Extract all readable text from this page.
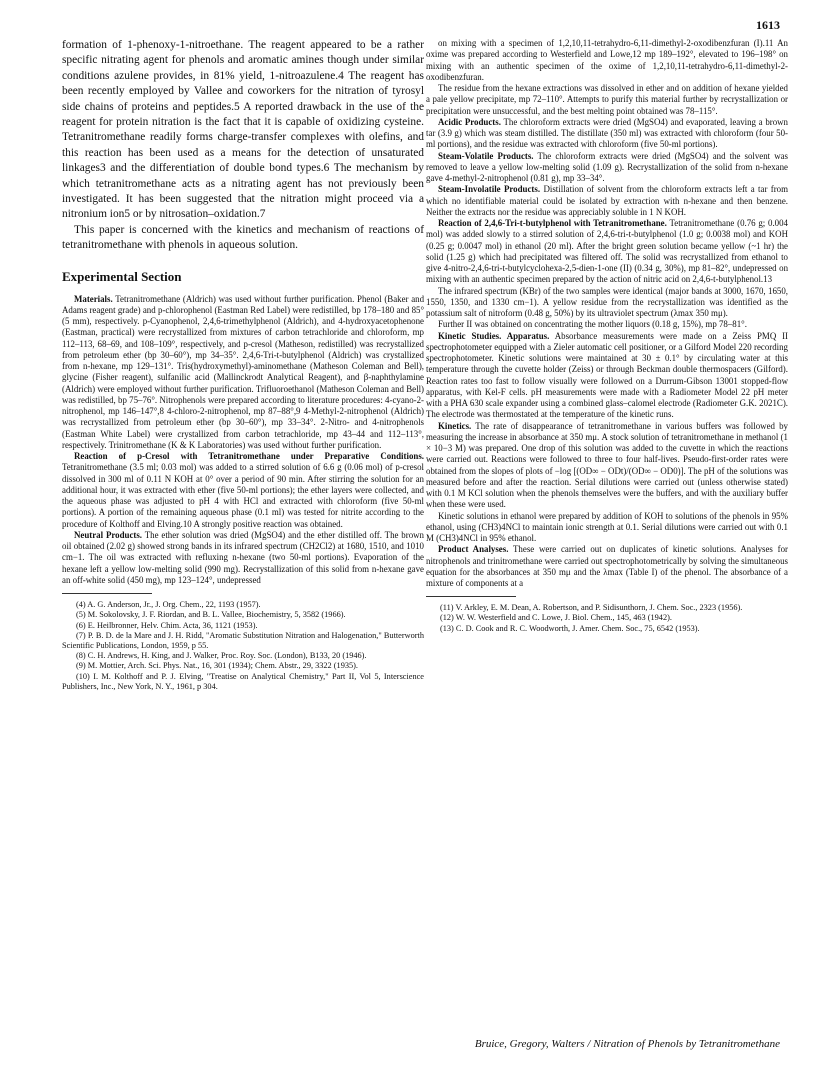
1613

formation of 1-phenoxy-1-nitroethane. The reagent appeared to be a rather specific nitrating agent for phenols and aromatic amines though under similar conditions azulene provides, in 81% yield, 1-nitroazulene.4 The reagent has been recently employed by Vallee and coworkers for the nitration of tyrosyl side chains of proteins and peptides.5 A reported drawback in the use of the reagent for protein nitration is the fact that it is capable of oxidizing cysteine. Tetranitromethane readily forms charge-transfer complexes with olefins, and this reaction has been used as a means for the detection of unsaturated linkages3 and the differentiation of double bond types.6 The mechanism by which tetranitromethane acts as a nitrating agent has not previously been investigated. It has been suggested that the nitration might proceed via a nitronium ion5 or by nitrosation–oxidation.7

This paper is concerned with the kinetics and mechanism of reactions of tetranitromethane with phenols in aqueous solution.

Experimental Section

Materials. Tetranitromethane (Aldrich) was used without further purification. Phenol (Baker and Adams reagent grade) and p-chlorophenol (Eastman Red Label) were redistilled, bp 178–180 and 85° (5 mm), respectively. p-Cyanophenol, 2,4,6-trimethylphenol (Aldrich), and 4-hydroxyacetophenone (Eastman, practical) were recrystallized from mixtures of carbon tetrachloride and chloroform, mp 112–113, 68–69, and 108–109°, respectively, and p-cresol (Matheson, redistilled) was recrystallized from petroleum ether (bp 30–60°), mp 34–35°. 2,4,6-Tri-t-butylphenol (Aldrich) was crystallized from n-hexane, mp 129–131°. Tris(hydroxymethyl)-aminomethane (Matheson Coleman and Bell), glycine (Fisher reagent), sulfanilic acid (Mallinckrodt Analytical Reagent), and β-naphthylamine (Aldrich) were employed without further purification. Trifluoroethanol (Matheson Coleman and Bell) was redistilled, bp 75–76°. Nitrophenols were prepared according to literature procedures: 4-cyano-2-nitrophenol, mp 146–147°,8 4-chloro-2-nitrophenol, mp 87–88°,9 4-Methyl-2-nitrophenol (Aldrich) was recrystallized from petroleum ether (bp 30–60°), mp 33–34°. 2-Nitro- and 4-nitrophenols (Eastman White Label) were crystallized from carbon tetrachloride, mp 43–44 and 112–113°, respectively. Trinitromethane (K & K Laboratories) was used without further purification.

Reaction of p-Cresol with Tetranitromethane under Preparative Conditions. Tetranitromethane (3.5 ml; 0.03 mol) was added to a stirred solution of 6.6 g (0.06 mol) of p-cresol dissolved in 300 ml of 0.11 N KOH at 0° over a period of 90 min. After stirring the solution for an additional hour, it was extracted with ether (five 50-ml portions); the ether layers were collected, and the aqueous phase was adjusted to pH 4 with HCl and extracted with chloroform (five 50-ml portions). A portion of the remaining aqueous phase (0.1 ml) was tested for nitrite according to the procedure of Kolthoff and Elving.10 A strongly positive reaction was obtained.

Neutral Products. The ether solution was dried (MgSO4) and the ether distilled off. The brown oil obtained (2.02 g) showed strong bands in its infrared spectrum (CH2Cl2) at 1680, 1510, and 1010 cm−1. The oil was extracted with refluxing n-hexane (two 50-ml portions). Evaporation of the hexane left a yellow low-melting solid (990 mg). Recrystallization of this solid from n-hexane gave an off-white solid (450 mg), mp 123–124°, undepressed

(4) A. G. Anderson, Jr., J. Org. Chem., 22, 1193 (1957).

(5) M. Sokolovsky, J. F. Riordan, and B. L. Vallee, Biochemistry, 5, 3582 (1966).

(6) E. Heilbronner, Helv. Chim. Acta, 36, 1121 (1953).

(7) P. B. D. de la Mare and J. H. Ridd, "Aromatic Substitution Nitration and Halogenation," Butterworth Scientific Publications, London, 1959, p 55.

(8) C. H. Andrews, H. King, and J. Walker, Proc. Roy. Soc. (London), B133, 20 (1946).

(9) M. Mottier, Arch. Sci. Phys. Nat., 16, 301 (1934); Chem. Abstr., 29, 3322 (1935).

(10) I. M. Kolthoff and P. J. Elving, "Treatise on Analytical Chemistry," Part II, Vol 5, Interscience Publishers, Inc., New York, N. Y., 1961, p 304.

on mixing with a specimen of 1,2,10,11-tetrahydro-6,11-dimethyl-2-oxodibenzfuran (I).11 An oxime was prepared according to Westerfield and Lowe,12 mp 189–192°, elevated to 196–198° on mixing with an authentic specimen of the oxime of 1,2,10,11-tetrahydro-6,11-dimethyl-2-oxodibenzfuran.

The residue from the hexane extractions was dissolved in ether and on addition of hexane yielded a pale yellow precipitate, mp 72–110°. Attempts to purify this material further by recrystallization or precipitation were unsuccessful, and the best melting point obtained was 78–115°.

Acidic Products. The chloroform extracts were dried (MgSO4) and evaporated, leaving a brown tar (3.9 g) which was steam distilled. The distillate (350 ml) was extracted with chloroform (four 50-ml portions), and the residue was extracted with chloroform (five 50-ml portions).

Steam-Volatile Products. The chloroform extracts were dried (MgSO4) and the solvent was removed to leave a yellow low-melting solid (1.09 g). Recrystallization of the solid from n-hexane gave 4-methyl-2-nitrophenol (0.81 g), mp 33–34°.

Steam-Involatile Products. Distillation of solvent from the chloroform extracts left a tar from which no identifiable material could be isolated by extraction with n-hexane and then benzene. Neither the extracts nor the residue was appreciably soluble in 1 N KOH.

Reaction of 2,4,6-Tri-t-butylphenol with Tetranitromethane. Tetranitromethane (0.76 g; 0.004 mol) was added slowly to a stirred solution of 2,4,6-tri-t-butylphenol (1.0 g; 0.0038 mol) and KOH (0.25 g; 0.0047 mol) in ethanol (20 ml). After the bright green solution became yellow (~1 hr) the solid (1.25 g) which had precipitated was filtered off. The solid was recrystallized from ethanol to give 4-nitro-2,4,6-tri-t-butylcyclohexa-2,5-dien-1-one (II) (0.34 g, 30%), mp 81–82°, undepressed on mixing with an authentic specimen prepared by the action of nitric acid on 2,4,6-t-butylphenol.13

The infrared spectrum (KBr) of the two samples were identical (major bands at 3000, 1670, 1650, 1550, 1350, and 1330 cm−1). A yellow residue from the recrystallization was identified as the potassium salt of nitroform (0.48 g, 50%) by its ultraviolet spectrum (λmax 350 mμ).

Further II was obtained on concentrating the mother liquors (0.18 g, 15%), mp 78–81°.

Kinetic Studies. Apparatus. Absorbance measurements were made on a Zeiss PMQ II spectrophotometer equipped with a Zieler automatic cell positioner, or a Gilford Model 220 recording spectrophotometer. Kinetic solutions were maintained at 30 ± 0.1° by circulating water at this temperature through the cuvette holder (Zeiss) or through Beckman double thermospacers (Gilford). Reaction rates too fast to follow visually were followed on a Durrum-Gibson 13001 stopped-flow apparatus, with Kel-F cells. pH measurements were made with a Radiometer Model 22 pH meter with a PHA 630 scale expander using a combined glass–calomel electrode (Radiometer G.K. 2021C). The electrode was thermostated at the temperature of the kinetic runs.

Kinetics. The rate of disappearance of tetranitromethane in various buffers was followed by measuring the increase in absorbance at 350 mμ. A stock solution of tetranitromethane in methanol (1 × 10−3 M) was prepared. One drop of this solution was added to the cuvette in which the reactions were carried out. Reactions were followed to three to four half-lives. Pseudo-first-order rates were obtained from the slopes of plots of −log [(OD∞ − ODt)/(OD∞ − OD0)]. The pH of the solutions was measured before and after the reaction. Serial dilutions were carried out (unless otherwise stated) with 0.1 M KCl solution when the phenols themselves were the buffers, and with the auxiliary buffer when these were used.

Kinetic solutions in ethanol were prepared by addition of KOH to solutions of the phenols in 95% ethanol, using (CH3)4NCl to maintain ionic strength at 0.1. Serial dilutions were carried out with 0.1 M (CH3)4NCl in 95% ethanol.

Product Analyses. These were carried out on duplicates of kinetic solutions. Analyses for nitrophenols and trinitromethane were carried out spectrophotometrically by solving the simultaneous equation for the absorbances at 350 mμ and the λmax (Table I) of the phenol. The absorbance of a mixture of components at a

(11) V. Arkley, E. M. Dean, A. Robertson, and P. Sidisunthorn, J. Chem. Soc., 2323 (1956).

(12) W. W. Westerfield and C. Lowe, J. Biol. Chem., 145, 463 (1942).

(13) C. D. Cook and R. C. Woodworth, J. Amer. Chem. Soc., 75, 6542 (1953).

Bruice, Gregory, Walters / Nitration of Phenols by Tetranitromethane
